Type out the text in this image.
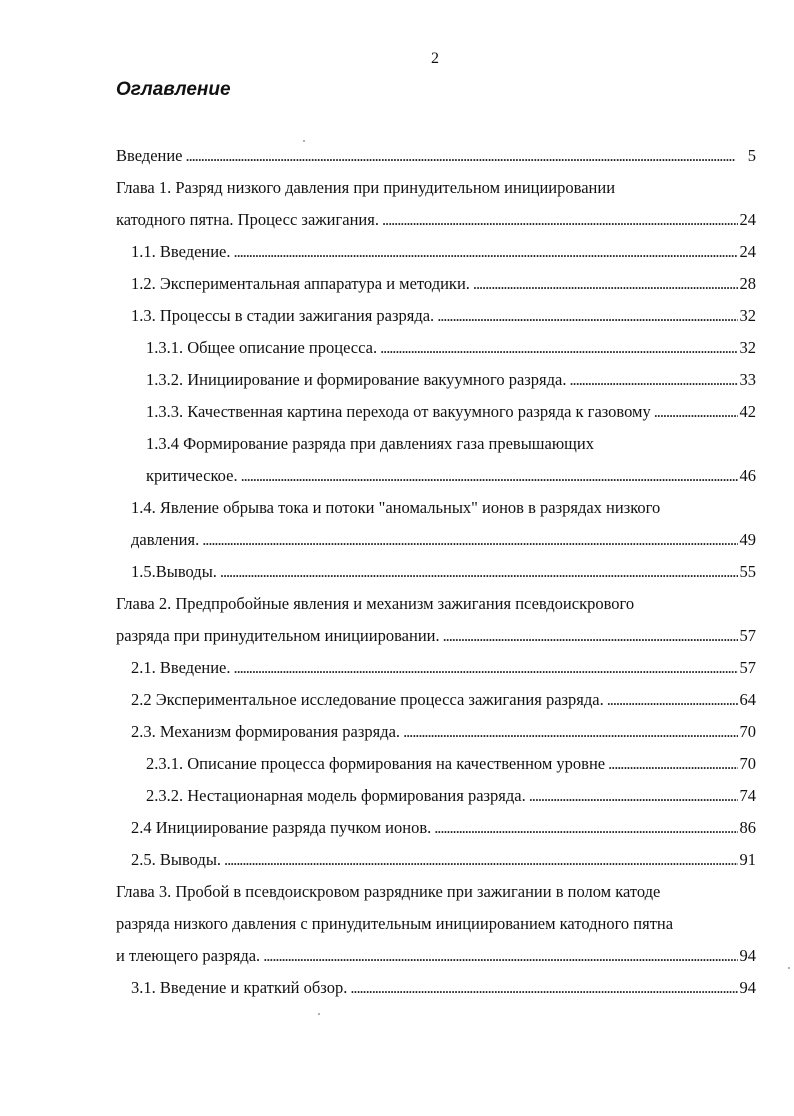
2
Оглавление
Введение . . .	5
Глава 1. Разряд низкого давления при принудительном инициировании
катодного пятна. Процесс зажигания. . . .	24
1.1. Введение. . . .	24
1.2. Экспериментальная аппаратура и методики. . . .	28
1.3. Процессы в стадии зажигания разряда. . . .	32
1.3.1. Общее описание процесса. . . .	32
1.3.2. Инициирование и формирование вакуумного разряда. . . .	33
1.3.3. Качественная картина перехода от вакуумного разряда к газовому . . .	42
1.3.4 Формирование разряда при давлениях газа превышающих
критическое. . . .	46
1.4. Явление обрыва тока и потоки "аномальных" ионов в разрядах низкого
давления. . . .	49
1.5.Выводы. . . .	55
Глава 2. Предпробойные явления и механизм зажигания псевдоискрового
разряда при принудительном инициировании. . . .	57
2.1. Введение. . . .	57
2.2 Экспериментальное исследование процесса зажигания разряда. . . .	64
2.3. Механизм формирования разряда. . . .	70
2.3.1. Описание процесса формирования на качественном уровне . . .	70
2.3.2. Нестационарная модель формирования разряда. . . .	74
2.4 Инициирование разряда пучком ионов. . . .	86
2.5. Выводы. . . .	91
Глава 3. Пробой в псевдоискровом разряднике при зажигании в полом катоде
разряда низкого давления с принудительным инициированием катодного пятна
и тлеющего разряда. . . .	94
3.1. Введение и краткий обзор. . . .	94
